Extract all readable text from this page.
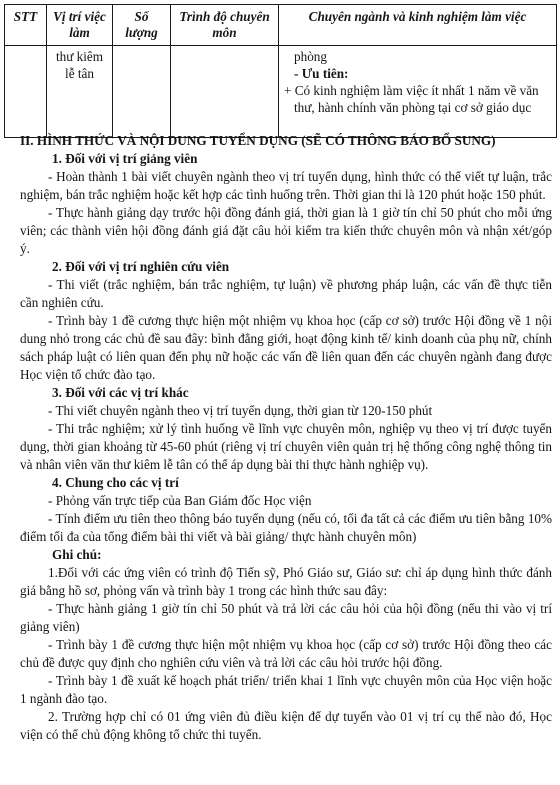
STT	Vị trí việc làm	Số lượng	Trình độ chuyên môn	Chuyên ngành và kinh nghiệm làm việc
	thư kiêm lễ tân			phòng
- Ưu tiên:
+ Có kinh nghiệm làm việc ít nhất 1 năm về văn thư, hành chính văn phòng tại cơ sở giáo dục

II. HÌNH THỨC VÀ NỘI DUNG TUYỂN DỤNG (SẼ CÓ THÔNG BÁO BỔ SUNG)

1. Đối với vị trí giảng viên

- Hoàn thành 1 bài viết chuyên ngành theo vị trí tuyển dụng, hình thức có thể viết tự luận, trắc nghiệm, bán trắc nghiệm hoặc kết hợp các tình huống trên. Thời gian thi là 120 phút hoặc 150 phút.

- Thực hành giảng dạy trước hội đồng đánh giá, thời gian là 1 giờ tín chỉ 50 phút cho mỗi ứng viên; các thành viên hội đồng đánh giá đặt câu hỏi kiểm tra kiến thức chuyên môn và nhận xét/góp ý.

2. Đối với vị trí nghiên cứu viên

- Thi viết (trắc nghiệm, bán trắc nghiệm, tự luận) về phương pháp luận, các vấn đề thực tiễn cần nghiên cứu.

- Trình bày 1 đề cương thực hiện một nhiệm vụ khoa học (cấp cơ sở) trước Hội đồng về 1 nội dung nhỏ trong các chủ đề sau đây: bình đẳng giới, hoạt động kinh tế/ kinh doanh của phụ nữ, chính sách pháp luật có liên quan đến phụ nữ hoặc các vấn đề liên quan đến các chuyên ngành đang được Học viện tổ chức đào tạo.

3. Đối với các vị trí khác

- Thi viết chuyên ngành theo vị trí tuyển dụng, thời gian từ 120-150 phút

- Thi trắc nghiệm; xử lý tình huống về lĩnh vực chuyên môn, nghiệp vụ theo vị trí được tuyển dụng, thời gian khoảng từ 45-60 phút (riêng vị trí chuyên viên quản trị hệ thống công nghệ thông tin và nhân viên văn thư kiêm lễ tân có thể áp dụng bài thi thực hành nghiệp vụ).

4. Chung cho các vị trí

- Phỏng vấn trực tiếp của Ban Giám đốc Học viện

- Tính điểm ưu tiên theo thông báo tuyển dụng (nếu có, tối đa tất cả các điểm ưu tiên bằng 10% điểm tối đa của tổng điểm bài thi viết và bài giảng/ thực hành chuyên môn)

Ghi chú:

1.Đối với các ứng viên có trình độ Tiến sỹ, Phó Giáo sư, Giáo sư: chỉ áp dụng hình thức đánh giá bằng hồ sơ, phỏng vấn và trình bày 1 trong các hình thức sau đây:

- Thực hành giảng 1 giờ tín chỉ 50 phút và trả lời các câu hỏi của hội đồng (nếu thi vào vị trí giảng viên)

- Trình bày 1 đề cương thực hiện một nhiệm vụ khoa học (cấp cơ sở) trước Hội đồng theo các chủ đề được quy định cho nghiên cứu viên và trả lời các câu hỏi trước hội đồng.

- Trình bày 1 đề xuất kế hoạch phát triển/ triển khai 1 lĩnh vực chuyên môn của Học viện hoặc 1 ngành đào tạo.

2. Trường hợp chỉ có 01 ứng viên đủ điều kiện để dự tuyển vào 01 vị trí cụ thể nào đó, Học viện có thể chủ động không tổ chức thi tuyển.
